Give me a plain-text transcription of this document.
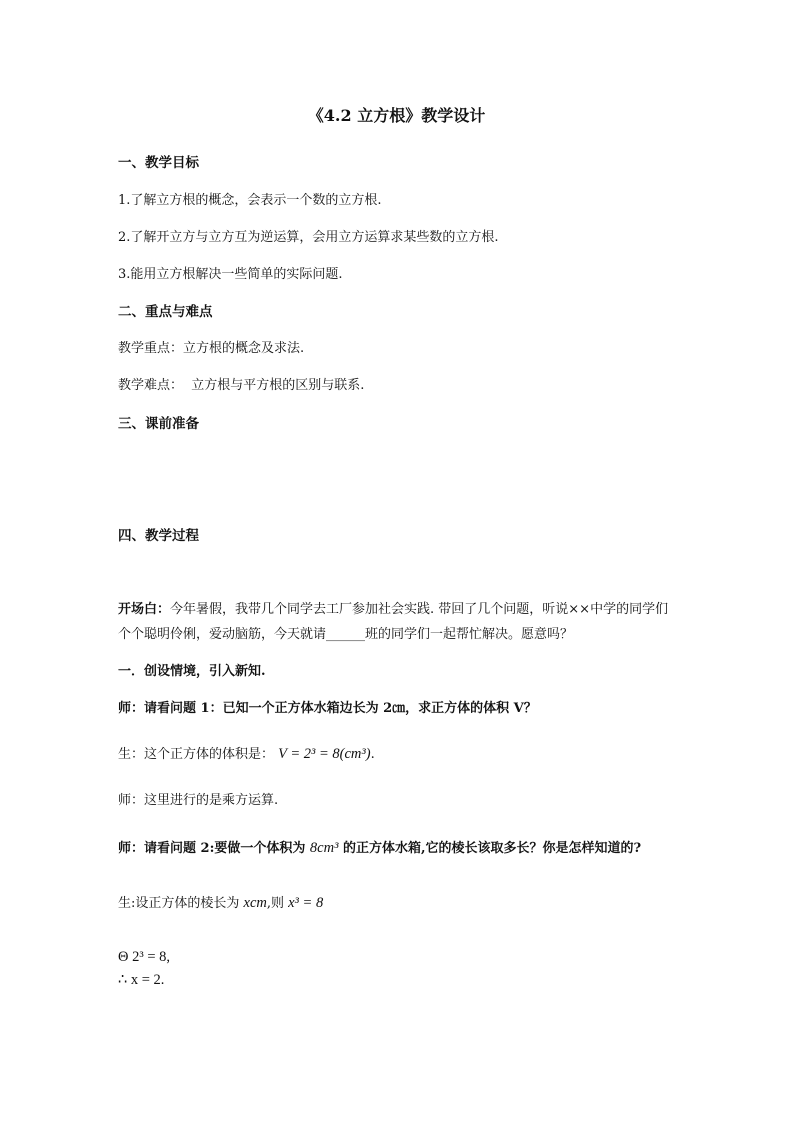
《4.2 立方根》教学设计
一、教学目标
1.了解立方根的概念，会表示一个数的立方根.
2.了解开立方与立方互为逆运算，会用立方运算求某些数的立方根.
3.能用立方根解决一些简单的实际问题.
二、重点与难点
教学重点：立方根的概念及求法.
教学难点：  立方根与平方根的区别与联系.
三、课前准备
四、教学过程
开场白：今年暑假，我带几个同学去工厂参加社会实践. 带回了几个问题，听说××中学的同学们个个聪明伶俐，爱动脑筋，今天就请______班的同学们一起帮忙解决。愿意吗？
一．创设情境，引入新知.
师：请看问题 1：已知一个正方体水箱边长为 2㎝，求正方体的体积 V？
生：这个正方体的体积是： V = 2³ = 8(cm³).
师：这里进行的是乘方运算.
师：请看问题 2:要做一个体积为 8cm³ 的正方体水箱,它的棱长该取多长？你是怎样知道的?
生:设正方体的棱长为 xcm,则 x³ = 8
Θ 2³ = 8,
∴ x = 2.
